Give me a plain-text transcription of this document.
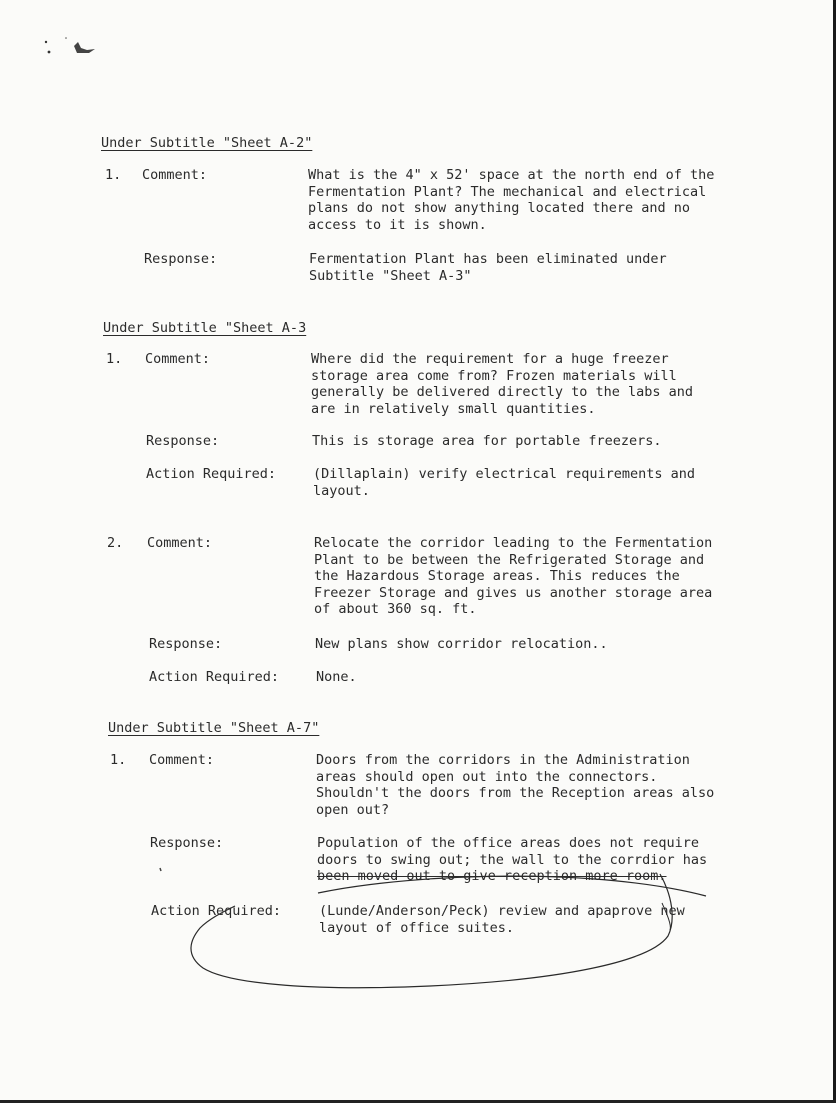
Under Subtitle "Sheet A-2"
1. Comment:	What is the 4" x 52' space at the north end of the
Fermentation Plant? The mechanical and electrical
plans do not show anything located there and no
access to it is shown.
Response:	Fermentation Plant has been eliminated under
Subtitle "Sheet A-3"
Under Subtitle "Sheet A-3
1. Comment:	Where did the requirement for a huge freezer
storage area come from? Frozen materials will
generally be delivered directly to the labs and
are in relatively small quantities.
Response:	This is storage area for portable freezers.
Action Required:	(Dillaplain) verify electrical requirements and
layout.
2. Comment:	Relocate the corridor leading to the Fermentation
Plant to be between the Refrigerated Storage and
the Hazardous Storage areas. This reduces the
Freezer Storage and gives us another storage area
of about 360 sq. ft.
Response:	New plans show corridor relocation..
Action Required:	None.
Under Subtitle "Sheet A-7"
1. Comment:	Doors from the corridors in the Administration
areas should open out into the connectors.
Shouldn't the doors from the Reception areas also
open out?
Response:	Population of the office areas does not require
doors to swing out; the wall to the corrdior has
been moved out to give reception more room.
Action Required:	(Lunde/Anderson/Peck) review and apaprove new
layout of office suites.
